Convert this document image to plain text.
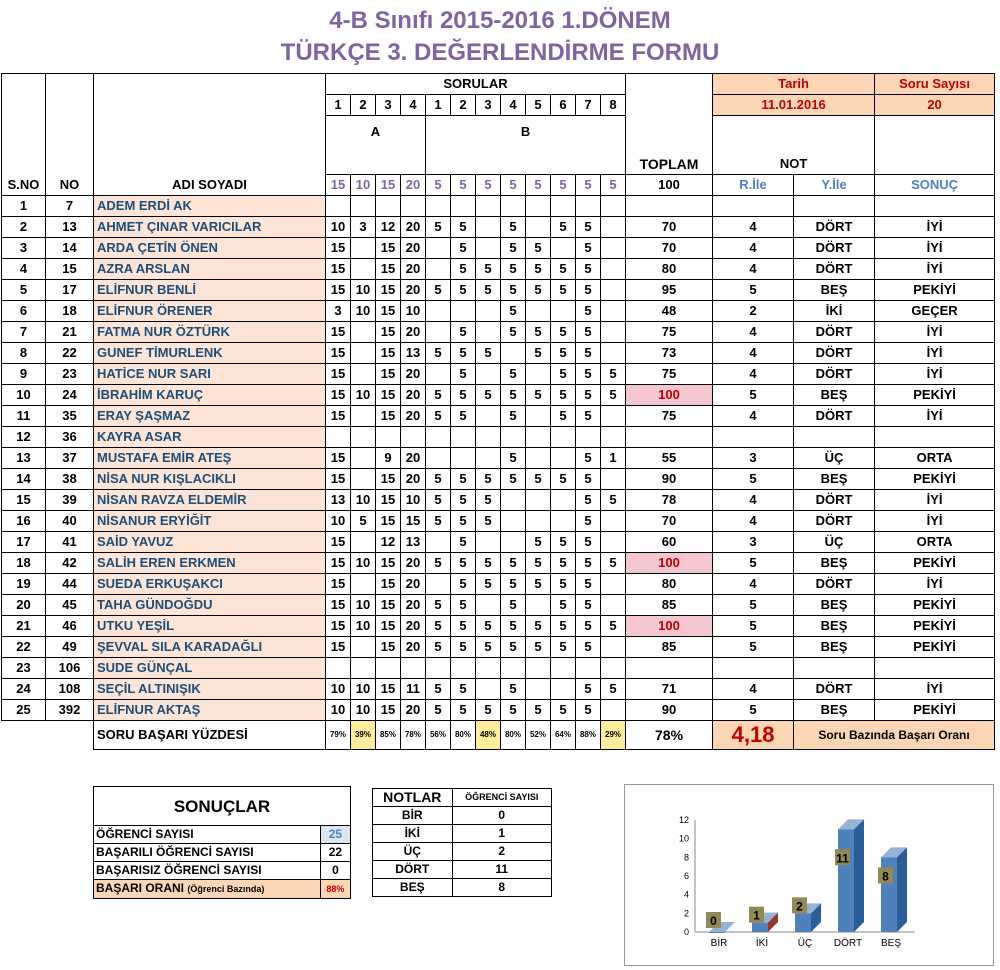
4-B Sınıfı 2015-2016 1.DÖNEM
TÜRKÇE 3. DEĞERLENDİRME FORMU
S.NO	NO	ADI SOYADI	SORULAR												TOPLAM	Tarih		Soru Sayısı
			1	2	3	4	1	2	3	4	5	6	7	8		11.01.2016		20
			A				B									NOT		
			15	10	15	20	5	5	5	5	5	5	5	5	100	R.İle	Y.İle	SONUÇ
1	7	ADEM ERDİ AK																
2	13	AHMET ÇINAR VARICILAR	10	3	12	20	5	5		5		5	5		70	4	DÖRT	İYİ
3	14	ARDA ÇETİN ÖNEN	15		15	20		5		5	5		5		70	4	DÖRT	İYİ
4	15	AZRA ARSLAN	15		15	20		5	5	5	5	5	5		80	4	DÖRT	İYİ
5	17	ELİFNUR BENLİ	15	10	15	20	5	5	5	5	5	5	5		95	5	BEŞ	PEKİYİ
6	18	ELİFNUR ÖRENER	3	10	15	10				5			5		48	2	İKİ	GEÇER
7	21	FATMA NUR ÖZTÜRK	15		15	20		5		5	5	5	5		75	4	DÖRT	İYİ
8	22	GUNEF TİMURLENK	15		15	13	5	5	5		5	5	5		73	4	DÖRT	İYİ
9	23	HATİCE NUR SARI	15		15	20		5		5		5	5	5	75	4	DÖRT	İYİ
10	24	İBRAHİM KARUÇ	15	10	15	20	5	5	5	5	5	5	5	5	100	5	BEŞ	PEKİYİ
11	35	ERAY ŞAŞMAZ	15		15	20	5	5		5		5	5		75	4	DÖRT	İYİ
12	36	KAYRA ASAR																
13	37	MUSTAFA EMİR ATEŞ	15		9	20				5			5	1	55	3	ÜÇ	ORTA
14	38	NİSA NUR KIŞLACIKLI	15		15	20	5	5	5	5	5	5	5		90	5	BEŞ	PEKİYİ
15	39	NİSAN RAVZA ELDEMİR	13	10	15	10	5	5	5				5	5	78	4	DÖRT	İYİ
16	40	NİSANUR ERYİĞİT	10	5	15	15	5	5	5				5		70	4	DÖRT	İYİ
17	41	SAİD YAVUZ	15		12	13		5			5	5	5		60	3	ÜÇ	ORTA
18	42	SALİH EREN ERKMEN	15	10	15	20	5	5	5	5	5	5	5	5	100	5	BEŞ	PEKİYİ
19	44	SUEDA ERKUŞAKCI	15		15	20		5	5	5	5	5	5		80	4	DÖRT	İYİ
20	45	TAHA GÜNDOĞDU	15	10	15	20	5	5		5		5	5		85	5	BEŞ	PEKİYİ
21	46	UTKU YEŞİL	15	10	15	20	5	5	5	5	5	5	5	5	100	5	BEŞ	PEKİYİ
22	49	ŞEVVAL SILA KARADAĞLI	15		15	20	5	5	5	5	5	5	5		85	5	BEŞ	PEKİYİ
23	106	SUDE GÜNÇAL																
24	108	SEÇİL ALTINIŞIK	10	10	15	11	5	5		5			5	5	71	4	DÖRT	İYİ
25	392	ELİFNUR AKTAŞ	10	10	15	20	5	5	5	5	5	5	5		90	5	BEŞ	PEKİYİ
		SORU BAŞARI YÜZDESİ	79%	39%	85%	78%	56%	80%	48%	80%	52%	64%	88%	29%	78%	4,18	Soru Bazında Başarı Oranı	
SONUÇLAR	
ÖĞRENCİ SAYISI	25
BAŞARILI ÖĞRENCİ SAYISI	22
BAŞARISIZ ÖĞRENCİ SAYISI	0
BAŞARI ORANI (Öğrenci Bazında)	88%
NOTLAR	ÖĞRENCİ SAYISI
BİR	0
İKİ	1
ÜÇ	2
DÖRT	11
BEŞ	8
0
2
4
6
8
10
12
0
BİR
1
İKİ
2
ÜÇ
11
DÖRT
8
BEŞ
